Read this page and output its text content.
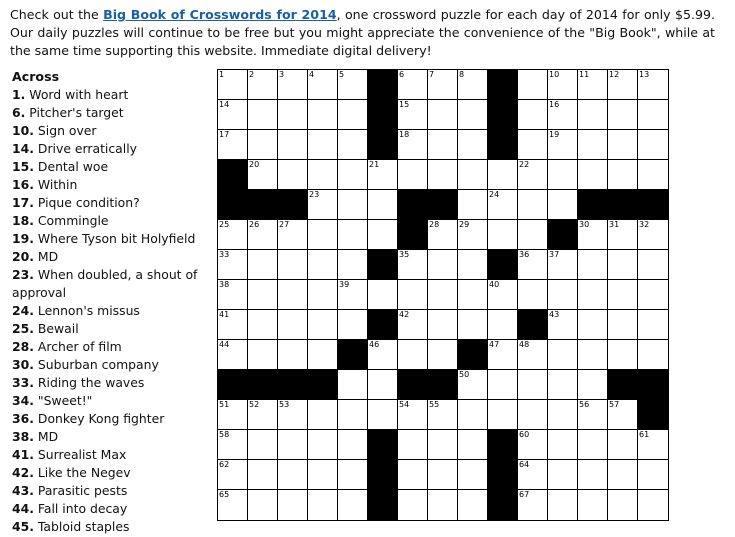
Check out the Big Book of Crosswords for 2014, one crossword puzzle for each day of 2014 for only $5.99. Our daily puzzles will continue to be free but you might appreciate the convenience of the "Big Book", while at the same time supporting this website. Immediate digital delivery!
Across
1. Word with heart
6. Pitcher's target
10. Sign over
14. Drive erratically
15. Dental woe
16. Within
17. Pique condition?
18. Commingle
19. Where Tyson bit Holyfield
20. MD
23. When doubled, a shout of approval
24. Lennon's missus
25. Bewail
28. Archer of film
30. Suburban company
33. Riding the waves
34. "Sweet!"
36. Donkey Kong fighter
38. MD
41. Surrealist Max
42. Like the Negev
43. Parasitic pests
44. Fall into decay
45. Tabloid staples
1	2	3	4	5	6	7	8	10 11 12 13
14	15	16
17	18	19
20	21	22
23	24
25 26 27	28 29	30 31 32
33	35	36 37
38	39	40
41	42	43
44	46	47 48
50
51 52 53	54 55	56 57
58	60	61
62	64
65	67
